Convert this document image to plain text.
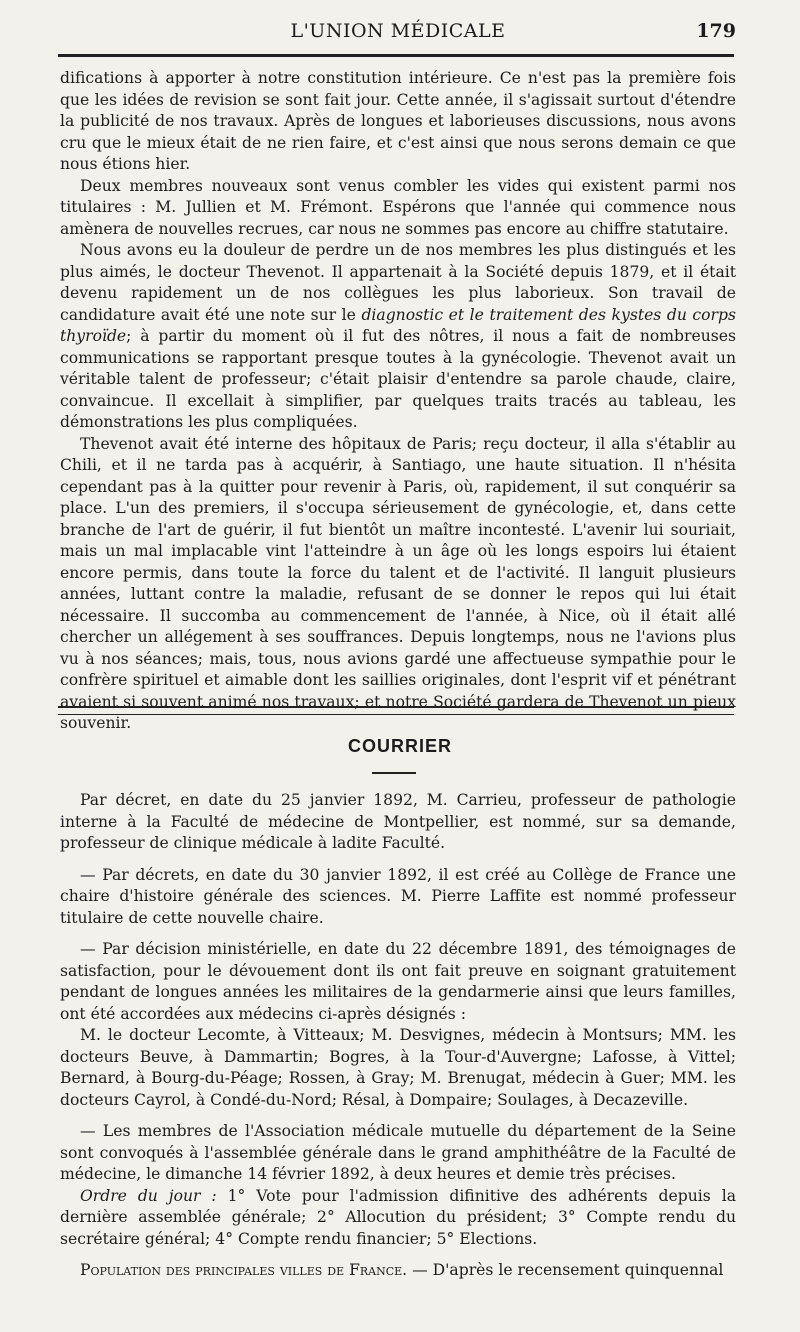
L'UNION MÉDICALE	179

difications à apporter à notre constitution intérieure. Ce n'est pas la première fois que les idées de revision se sont fait jour. Cette année, il s'agissait surtout d'étendre la publicité de nos travaux. Après de longues et laborieuses discussions, nous avons cru que le mieux était de ne rien faire, et c'est ainsi que nous serons demain ce que nous étions hier.

Deux membres nouveaux sont venus combler les vides qui existent parmi nos titulaires : M. Jullien et M. Frémont. Espérons que l'année qui commence nous amènera de nouvelles recrues, car nous ne sommes pas encore au chiffre statutaire.

Nous avons eu la douleur de perdre un de nos membres les plus distingués et les plus aimés, le docteur Thevenot. Il appartenait à la Société depuis 1879, et il était devenu rapidement un de nos collègues les plus laborieux. Son travail de candidature avait été une note sur le diagnostic et le traitement des kystes du corps thyroïde; à partir du moment où il fut des nôtres, il nous a fait de nombreuses communications se rapportant presque toutes à la gynécologie. Thevenot avait un véritable talent de professeur; c'était plaisir d'entendre sa parole chaude, claire, convaincue. Il excellait à simplifier, par quelques traits tracés au tableau, les démonstrations les plus compliquées.

Thevenot avait été interne des hôpitaux de Paris; reçu docteur, il alla s'établir au Chili, et il ne tarda pas à acquérir, à Santiago, une haute situation. Il n'hésita cependant pas à la quitter pour revenir à Paris, où, rapidement, il sut conquérir sa place. L'un des premiers, il s'occupa sérieusement de gynécologie, et, dans cette branche de l'art de guérir, il fut bientôt un maître incontesté. L'avenir lui souriait, mais un mal implacable vint l'atteindre à un âge où les longs espoirs lui étaient encore permis, dans toute la force du talent et de l'activité. Il languit plusieurs années, luttant contre la maladie, refusant de se donner le repos qui lui était nécessaire. Il succomba au commencement de l'année, à Nice, où il était allé chercher un allégement à ses souffrances. Depuis longtemps, nous ne l'avions plus vu à nos séances; mais, tous, nous avions gardé une affectueuse sympathie pour le confrère spirituel et aimable dont les saillies originales, dont l'esprit vif et pénétrant avaient si souvent animé nos travaux; et notre Société gardera de Thevenot un pieux souvenir.

COURRIER

Par décret, en date du 25 janvier 1892, M. Carrieu, professeur de pathologie interne à la Faculté de médecine de Montpellier, est nommé, sur sa demande, professeur de clinique médicale à ladite Faculté.

— Par décrets, en date du 30 janvier 1892, il est créé au Collège de France une chaire d'histoire générale des sciences. M. Pierre Laffite est nommé professeur titulaire de cette nouvelle chaire.

— Par décision ministérielle, en date du 22 décembre 1891, des témoignages de satisfaction, pour le dévouement dont ils ont fait preuve en soignant gratuitement pendant de longues années les militaires de la gendarmerie ainsi que leurs familles, ont été accordées aux médecins ci-après désignés :

M. le docteur Lecomte, à Vitteaux; M. Desvignes, médecin à Montsurs; MM. les docteurs Beuve, à Dammartin; Bogres, à la Tour-d'Auvergne; Lafosse, à Vittel; Bernard, à Bourg-du-Péage; Rossen, à Gray; M. Brenugat, médecin à Guer; MM. les docteurs Cayrol, à Condé-du-Nord; Résal, à Dompaire; Soulages, à Decazeville.

— Les membres de l'Association médicale mutuelle du département de la Seine sont convoqués à l'assemblée générale dans le grand amphithéâtre de la Faculté de médecine, le dimanche 14 février 1892, à deux heures et demie très précises.

Ordre du jour : 1° Vote pour l'admission difinitive des adhérents depuis la dernière assemblée générale; 2° Allocution du président; 3° Compte rendu du secrétaire général; 4° Compte rendu financier; 5° Elections.

Population des principales villes de France. — D'après le recensement quinquennal
